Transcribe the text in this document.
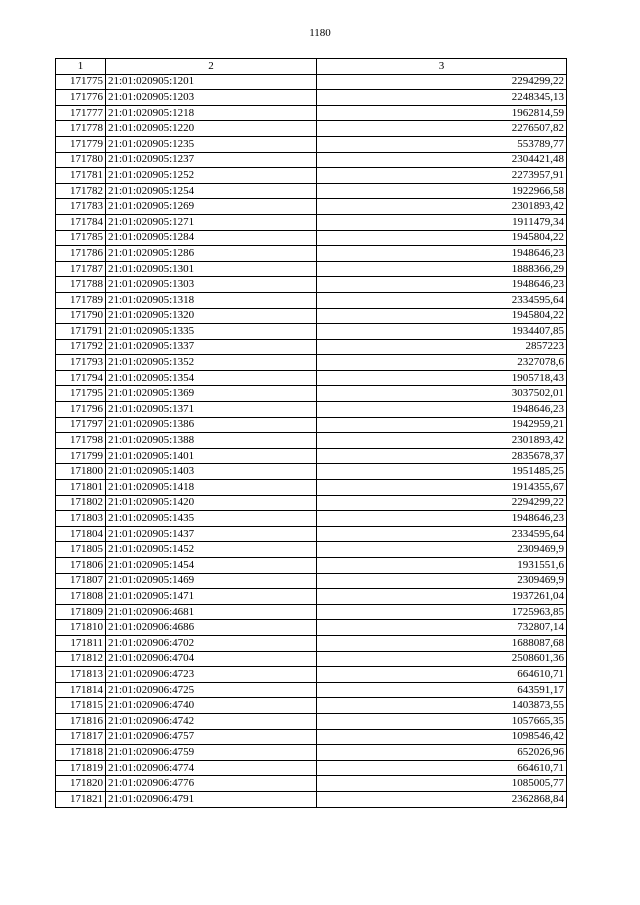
1180
1	2	3
171775	21:01:020905:1201	2294299,22
171776	21:01:020905:1203	2248345,13
171777	21:01:020905:1218	1962814,59
171778	21:01:020905:1220	2276507,82
171779	21:01:020905:1235	553789,77
171780	21:01:020905:1237	2304421,48
171781	21:01:020905:1252	2273957,91
171782	21:01:020905:1254	1922966,58
171783	21:01:020905:1269	2301893,42
171784	21:01:020905:1271	1911479,34
171785	21:01:020905:1284	1945804,22
171786	21:01:020905:1286	1948646,23
171787	21:01:020905:1301	1888366,29
171788	21:01:020905:1303	1948646,23
171789	21:01:020905:1318	2334595,64
171790	21:01:020905:1320	1945804,22
171791	21:01:020905:1335	1934407,85
171792	21:01:020905:1337	2857223
171793	21:01:020905:1352	2327078,6
171794	21:01:020905:1354	1905718,43
171795	21:01:020905:1369	3037502,01
171796	21:01:020905:1371	1948646,23
171797	21:01:020905:1386	1942959,21
171798	21:01:020905:1388	2301893,42
171799	21:01:020905:1401	2835678,37
171800	21:01:020905:1403	1951485,25
171801	21:01:020905:1418	1914355,67
171802	21:01:020905:1420	2294299,22
171803	21:01:020905:1435	1948646,23
171804	21:01:020905:1437	2334595,64
171805	21:01:020905:1452	2309469,9
171806	21:01:020905:1454	1931551,6
171807	21:01:020905:1469	2309469,9
171808	21:01:020905:1471	1937261,04
171809	21:01:020906:4681	1725963,85
171810	21:01:020906:4686	732807,14
171811	21:01:020906:4702	1688087,68
171812	21:01:020906:4704	2508601,36
171813	21:01:020906:4723	664610,71
171814	21:01:020906:4725	643591,17
171815	21:01:020906:4740	1403873,55
171816	21:01:020906:4742	1057665,35
171817	21:01:020906:4757	1098546,42
171818	21:01:020906:4759	652026,96
171819	21:01:020906:4774	664610,71
171820	21:01:020906:4776	1085005,77
171821	21:01:020906:4791	2362868,84
